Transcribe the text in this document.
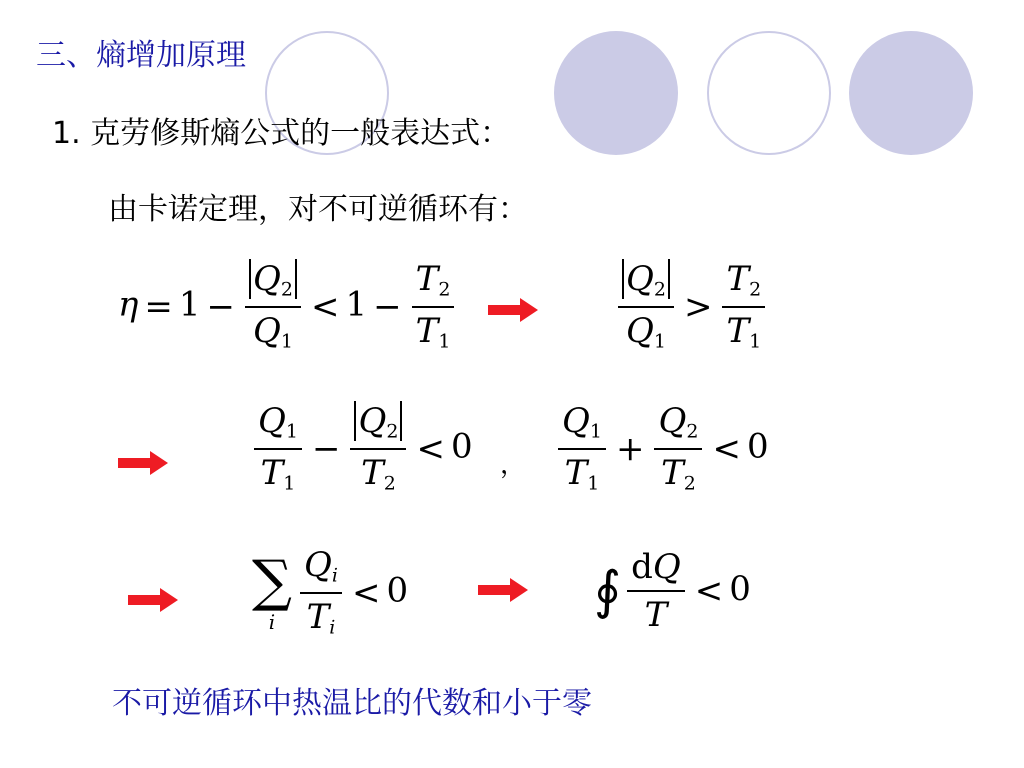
三、熵增加原理
1. 克劳修斯熵公式的一般表达式：
由卡诺定理，对不可逆循环有：
$\eta = 1 - \frac{Q_2}{Q_1} < 1 - \frac{T_2}{T_1}$	$\frac{Q_2}{Q_1} > \frac{T_2}{T_1}$
$\frac{Q_1}{T_1} - \frac{Q_2}{T_2} < 0$ ， $\frac{Q_1}{T_1} + \frac{Q_2}{T_2} < 0$
∑
i $\frac{Q_i}{T_i} < 0$	∮ $\frac{dQ}{T} < 0$
不可逆循环中热温比的代数和小于零
